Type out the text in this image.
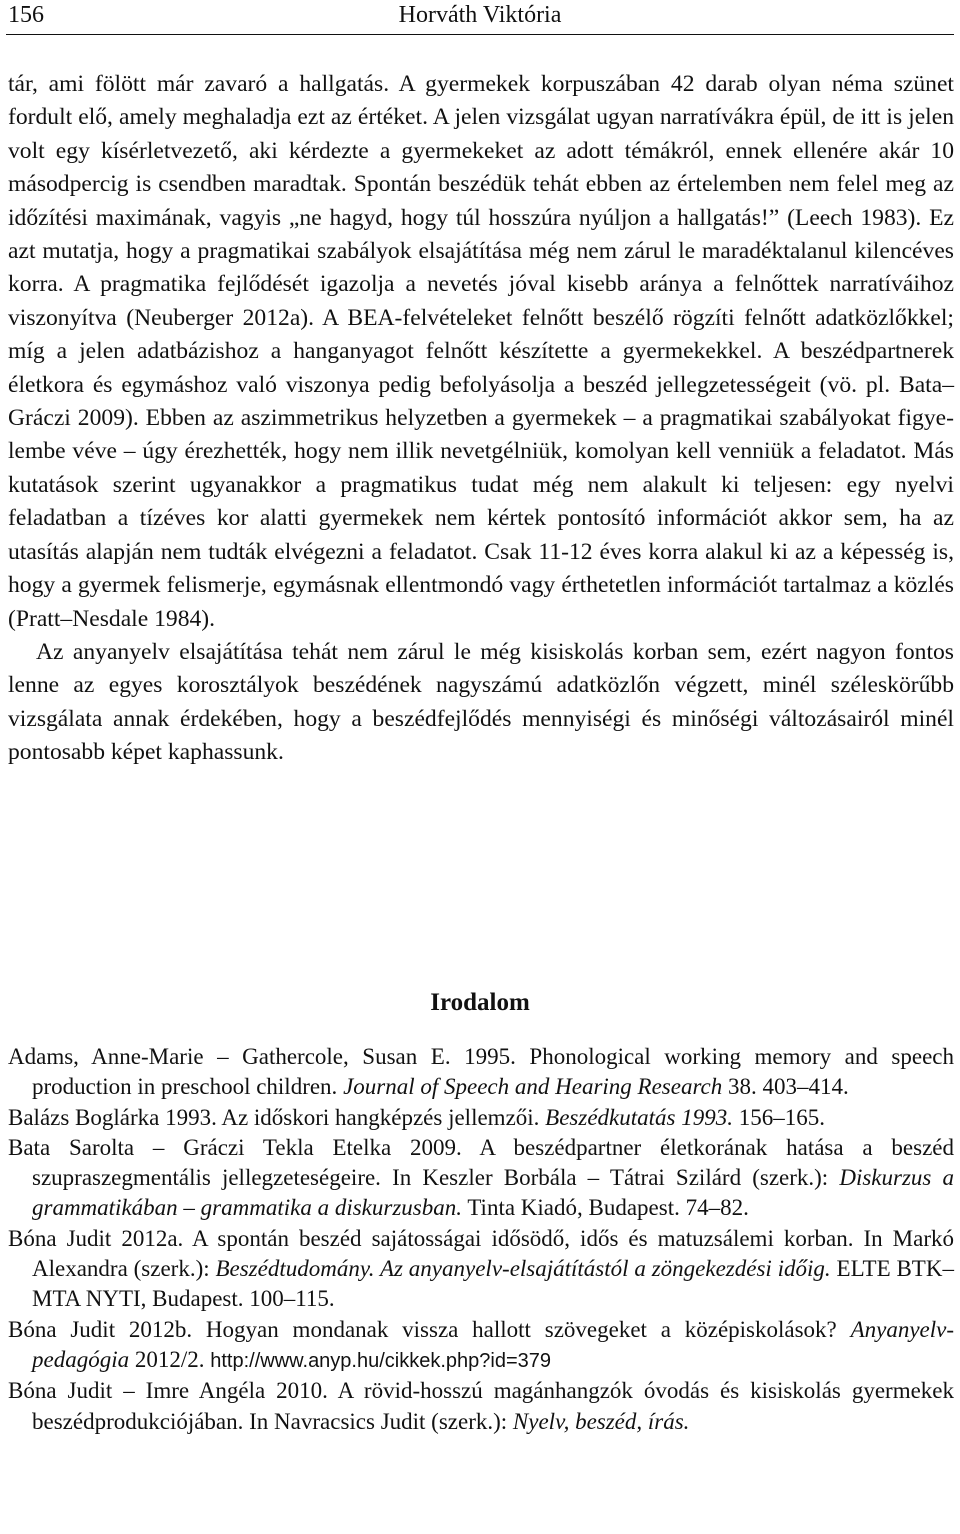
156	Horváth Viktória

tár, ami fölött már zavaró a hallgatás. A gyermekek korpuszában 42 darab olyan néma szünet fordult elő, amely meghaladja ezt az értéket. A jelen vizsgálat ugyan narratívákra épül, de itt is jelen volt egy kísérletvezető, aki kérdezte a gyermekeket az adott témákról, ennek ellenére akár 10 másodpercig is csendben maradtak. Spontán beszédük tehát ebben az értelemben nem felel meg az időzítési maximának, vagyis „ne hagyd, hogy túl hosszúra nyúljon a hallgatás!” (Leech 1983). Ez azt mutatja, hogy a pragmatikai szabályok elsajátítása még nem zárul le maradéktalanul kilencéves korra. A pragmatika fejlődését igazolja a nevetés jóval kisebb aránya a felnőttek narratíváihoz viszonyítva (Neuberger 2012a). A BEA-felvételeket felnőtt beszélő rögzíti felnőtt adatközlőkkel; míg a jelen adatbázishoz a hanganyagot felnőtt készítette a gyermekekkel. A beszédpartnerek életkora és egymáshoz való viszonya pedig befolyásolja a beszéd jellegzetességeit (vö. pl. Bata–Gráczi 2009). Ebben az aszimmetrikus helyzetben a gyermekek – a pragmatikai szabályokat figyelembe véve – úgy érezhették, hogy nem illik nevetgélniük, komolyan kell venniük a feladatot. Más kutatások szerint ugyanakkor a pragmatikus tudat még nem alakult ki teljesen: egy nyelvi feladatban a tízéves kor alatti gyermekek nem kértek pontosító információt akkor sem, ha az utasítás alapján nem tudták elvégezni a feladatot. Csak 11-12 éves korra alakul ki az a képesség is, hogy a gyermek felismerje, egymásnak ellentmondó vagy érthetetlen információt tartalmaz a közlés (Pratt–Nesdale 1984).

Az anyanyelv elsajátítása tehát nem zárul le még kisiskolás korban sem, ezért nagyon fontos lenne az egyes korosztályok beszédének nagyszámú adatközlőn végzett, minél széleskörűbb vizsgálata annak érdekében, hogy a beszédfejlődés mennyiségi és minőségi változásairól minél pontosabb képet kaphassunk.

Irodalom

Adams, Anne-Marie – Gathercole, Susan E. 1995. Phonological working memory and speech production in preschool children. Journal of Speech and Hearing Research 38. 403–414.

Balázs Boglárka 1993. Az időskori hangképzés jellemzői. Beszédkutatás 1993. 156–165.

Bata Sarolta – Gráczi Tekla Etelka 2009. A beszédpartner életkorának hatása a beszéd szupraszegmentális jellegzeteségeire. In Keszler Borbála – Tátrai Szilárd (szerk.): Diskurzus a grammatikában – grammatika a diskurzusban. Tinta Kiadó, Budapest. 74–82.

Bóna Judit 2012a. A spontán beszéd sajátosságai idősödő, idős és matuzsálemi korban. In Markó Alexandra (szerk.): Beszédtudomány. Az anyanyelv-elsajátítástól a zöngekezdési időig. ELTE BTK–MTA NYTI, Budapest. 100–115.

Bóna Judit 2012b. Hogyan mondanak vissza hallott szövegeket a középiskolások? Anyanyelv-pedagógia 2012/2. http://www.anyp.hu/cikkek.php?id=379

Bóna Judit – Imre Angéla 2010. A rövid-hosszú magánhangzók óvodás és kisiskolás gyermekek beszédprodukciójában. In Navracsics Judit (szerk.): Nyelv, beszéd, írás.
